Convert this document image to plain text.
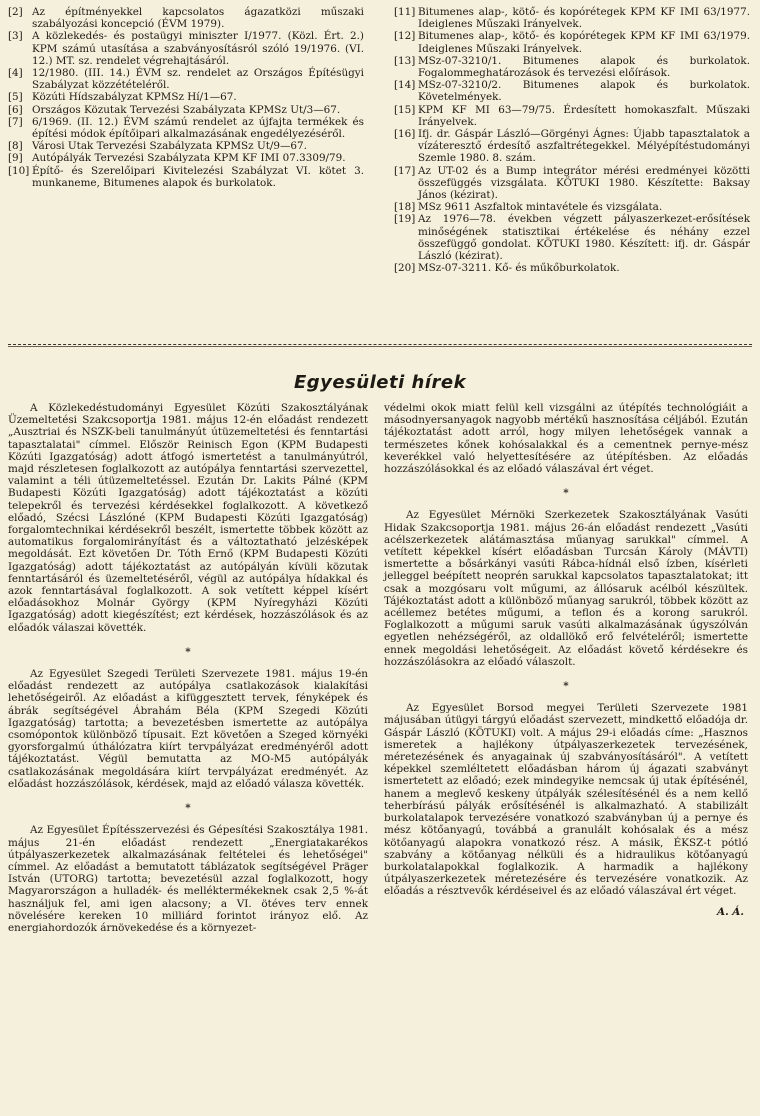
[2] Az építményekkel kapcsolatos ágazatközi műszaki szabályozási koncepció (ÉVM 1979).
[3] A közlekedés- és postaügyi miniszter I/1977. (Közl. Ért. 2.) KPM számú utasítása a szabványosításról szóló 19/1976. (VI. 12.) MT. sz. rendelet végrehajtásáról.
[4] 12/1980. (III. 14.) ÉVM sz. rendelet az Országos Építésügyi Szabályzat közzétételéről.
[5] Közúti Hídszabályzat KPMSz Hí/1—67.
[6] Országos Közutak Tervezési Szabályzata KPMSz Ut/3—67.
[7] 6/1969. (II. 12.) ÉVM számú rendelet az újfajta termékek és építési módok építőipari alkalmazásának engedélyezéséről.
[8] Városi Utak Tervezési Szabályzata KPMSz Ut/9—67.
[9] Autópályák Tervezési Szabályzata KPM KF IMI 07.3309/79.
[10] Építő- és Szerelőipari Kivitelezési Szabályzat VI. kötet 3. munkaneme, Bitumenes alapok és burkolatok.
[11] Bitumenes alap-, kötő- és kopórétegek KPM KF IMI 63/1977. Ideiglenes Műszaki Irányelvek.
[12] Bitumenes alap-, kötő- és kopórétegek KPM KF IMI 63/1979. Ideiglenes Műszaki Irányelvek.
[13] MSz-07-3210/1. Bitumenes alapok és burkolatok. Fogalommeghatározások és tervezési előírások.
[14] MSz-07-3210/2. Bitumenes alapok és burkolatok. Követelmények.
[15] KPM KF MI 63—79/75. Érdesített homokaszfalt. Műszaki Irányelvek.
[16] Ifj. dr. Gáspár László—Görgényi Ágnes: Újabb tapasztalatok a vízáteresztő érdesítő aszfaltrétegekkel. Mélyépítéstudományi Szemle 1980. 8. szám.
[17] Az UT-02 és a Bump integrátor mérési eredményei közötti összefüggés vizsgálata. KÖTUKI 1980. Készítette: Baksay János (kézirat).
[18] MSz 9611 Aszfaltok mintavétele és vizsgálata.
[19] Az 1976—78. években végzett pályaszerkezet-erősítések minőségének statisztikai értékelése és néhány ezzel összefüggő gondolat. KÖTUKI 1980. Készített: ifj. dr. Gáspár László (kézirat).
[20] MSz-07-3211. Kő- és műkőburkolatok.
Egyesületi hírek

A Közlekedéstudományi Egyesület Közúti Szakosztályának Üzemeltetési Szakcsoportja 1981. május 12-én előadást rendezett „Ausztriai és NSZK-beli tanulmányút útüzemeltetési és fenntartási tapasztalatai" címmel. Először Reinisch Egon (KPM Budapesti Közúti Igazgatóság) adott átfogó ismertetést a tanulmányútról, majd részletesen foglalkozott az autópálya fenntartási szervezettel, valamint a téli útüzemeltetéssel. Ezután Dr. Lakits Pálné (KPM Budapesti Közúti Igazgatóság) adott tájékoztatást a közúti telepekről és tervezési kérdésekkel foglalkozott. A következő előadó, Szécsi Lászlóné (KPM Budapesti Közúti Igazgatóság) forgalomtechnikai kérdésekről beszélt, ismertette többek között az automatikus forgalomirányítást és a változtatható jelzésképek megoldását. Ezt követően Dr. Tóth Ernő (KPM Budapesti Közúti Igazgatóság) adott tájékoztatást az autópályán kívüli közutak fenntartásáról és üzemeltetéséről, végül az autópálya hídakkal és azok fenntartásával foglalkozott. A sok vetített képpel kísért előadásokhoz Molnár György (KPM Nyíregyházi Közúti Igazgatóság) adott kiegészítést; ezt kérdések, hozzászólások és az előadók válaszai követték.

*

Az Egyesület Szegedi Területi Szervezete 1981. május 19-én előadást rendezett az autópálya csatlakozások kialakítási lehetőségeiről. Az előadást a kifüggesztett tervek, fényképek és ábrák segítségével Ábrahám Béla (KPM Szegedi Közúti Igazgatóság) tartotta; a bevezetésben ismertette az autópálya csomópontok különböző típusait. Ezt követően a Szeged környéki gyorsforgalmú úthálózatra kiírt tervpályázat eredményéről adott tájékoztatást. Végül bemutatta az MO-M5 autópályák csatlakozásának megoldására kiírt tervpályázat eredményét. Az előadást hozzászólások, kérdések, majd az előadó válasza követték.

*

Az Egyesület Építésszervezési és Gépesítési Szakosztálya 1981. május 21-én előadást rendezett „Energiatakarékos útpályaszerkezetek alkalmazásának feltételei és lehetőségei" címmel. Az előadást a bemutatott táblázatok segítségével Präger István (UTORG) tartotta; bevezetésül azzal foglalkozott, hogy Magyarországon a hulladék- és melléktermékeknek csak 2,5 %-át használjuk fel, ami igen alacsony; a VI. ötéves terv ennek növelésére kereken 10 milliárd forintot irányoz elő. Az energiahordozók árnövekedése és a környezet-

védelmi okok miatt felül kell vizsgálni az útépítés technológiáit a másodnyersanyagok nagyobb mértékű hasznosítása céljából. Ezután tájékoztatást adott arról, hogy milyen lehetőségek vannak a természetes kőnek kohósalakkal és a cementnek pernye-mész keverékkel való helyettesítésére az útépítésben. Az előadás hozzászólásokkal és az előadó válaszával ért véget.

*

Az Egyesület Mérnöki Szerkezetek Szakosztályának Vasúti Hidak Szakcsoportja 1981. május 26-án előadást rendezett „Vasúti acélszerkezetek alátámasztása műanyag sarukkal" címmel. A vetített képekkel kísért előadásban Turcsán Károly (MÁVTI) ismertette a bősárkányi vasúti Rábca-hídnál első ízben, kísérleti jelleggel beépített neoprén sarukkal kapcsolatos tapasztalatokat; itt csak a mozgósaru volt műgumi, az állósaruk acélból készültek. Tájékoztatást adott a különböző műanyag sarukról, többek között az acéllemez betétes műgumi, a teflon és a korong sarukról. Foglalkozott a műgumi saruk vasúti alkalmazásának úgyszólván egyetlen nehézségéről, az oldallökő erő felvételéről; ismertette ennek megoldási lehetőségeit. Az előadást követő kérdésekre és hozzászólásokra az előadó válaszolt.

*

Az Egyesület Borsod megyei Területi Szervezete 1981 májusában útügyi tárgyú előadást szervezett, mindkettő előadója dr. Gáspár László (KÖTUKI) volt. A május 29-i előadás címe: „Hasznos ismeretek a hajlékony útpályaszerkezetek tervezésének, méretezésének és anyagainak új szabványosításáról". A vetített képekkel szemléltetett előadásban három új ágazati szabványt ismertetett az előadó; ezek mindegyike nemcsak új utak építésénél, hanem a meglevő keskeny útpályák szélesítésénél és a nem kellő teherbírású pályák erősítésénél is alkalmazható. A stabilizált burkolatalapok tervezésére vonatkozó szabványban új a pernye és mész kötőanyagú, továbbá a granulált kohósalak és a mész kötőanyagú alapokra vonatkozó rész. A másik, ÉKSZ-t pótló szabvány a kötőanyag nélküli és a hidraulikus kötőanyagú burkolatalapokkal foglalkozik. A harmadik a hajlékony útpályaszerkezetek méretezésére és tervezésére vonatkozik. Az előadás a résztvevők kérdéseivel és az előadó válaszával ért véget.

A. Á.
